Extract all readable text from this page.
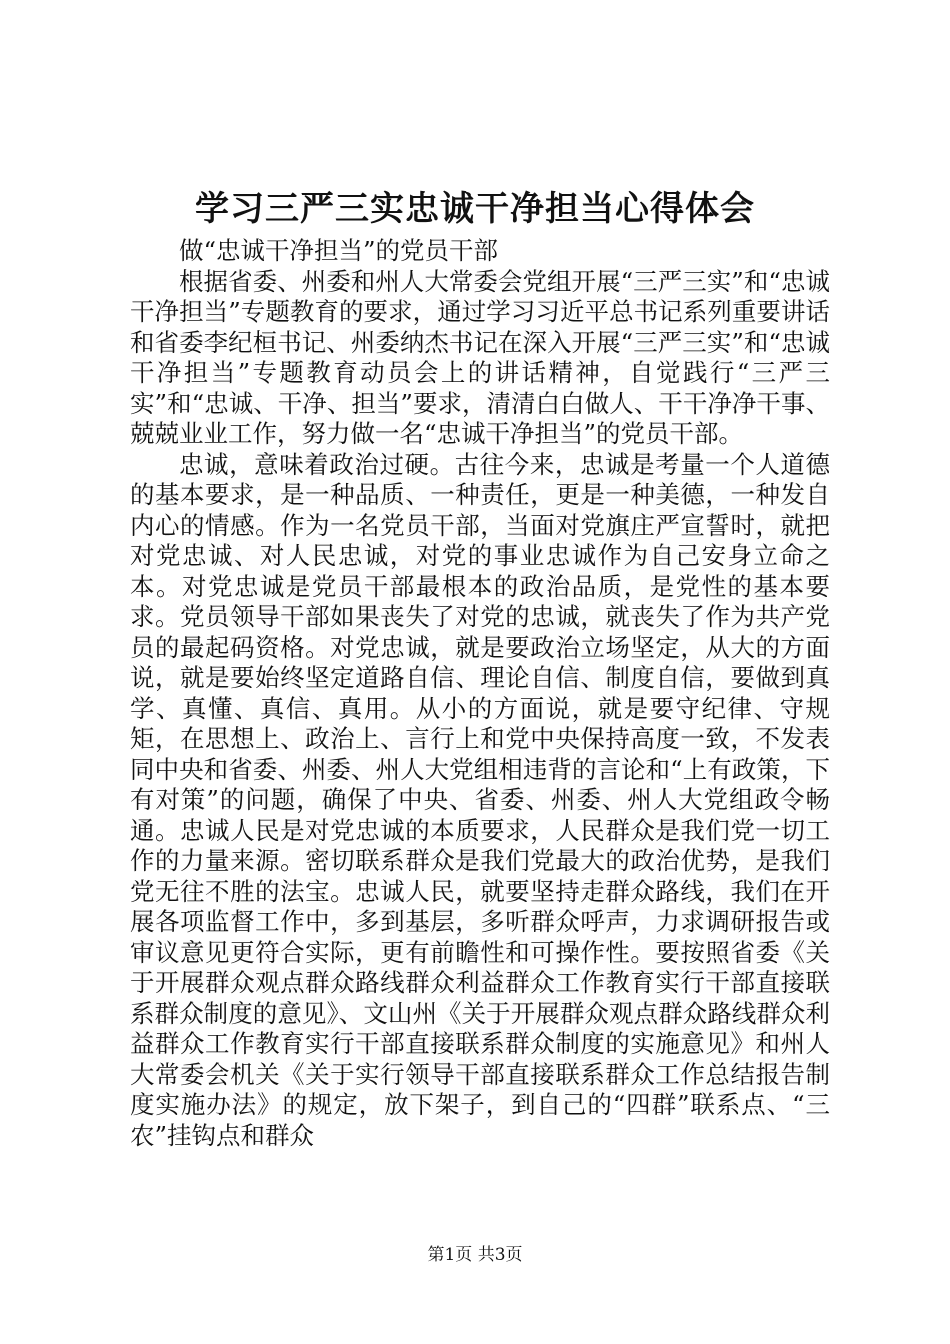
学习三严三实忠诚干净担当心得体会

做“忠诚干净担当”的党员干部

根据省委、州委和州人大常委会党组开展“三严三实”和“忠诚干净担当”专题教育的要求，通过学习习近平总书记系列重要讲话和省委李纪桓书记、州委纳杰书记在深入开展“三严三实”和“忠诚干净担当”专题教育动员会上的讲话精神，自觉践行“三严三实”和“忠诚、干净、担当”要求，清清白白做人、干干净净干事、兢兢业业工作，努力做一名“忠诚干净担当”的党员干部。

忠诚，意味着政治过硬。古往今来，忠诚是考量一个人道德的基本要求，是一种品质、一种责任，更是一种美德，一种发自内心的情感。作为一名党员干部，当面对党旗庄严宣誓时，就把对党忠诚、对人民忠诚，对党的事业忠诚作为自己安身立命之本。对党忠诚是党员干部最根本的政治品质，是党性的基本要求。党员领导干部如果丧失了对党的忠诚，就丧失了作为共产党员的最起码资格。对党忠诚，就是要政治立场坚定，从大的方面说，就是要始终坚定道路自信、理论自信、制度自信，要做到真学、真懂、真信、真用。从小的方面说，就是要守纪律、守规矩，在思想上、政治上、言行上和党中央保持高度一致，不发表同中央和省委、州委、州人大党组相违背的言论和“上有政策，下有对策”的问题，确保了中央、省委、州委、州人大党组政令畅通。忠诚人民是对党忠诚的本质要求，人民群众是我们党一切工作的力量来源。密切联系群众是我们党最大的政治优势，是我们党无往不胜的法宝。忠诚人民，就要坚持走群众路线，我们在开展各项监督工作中，多到基层，多听群众呼声，力求调研报告或审议意见更符合实际，更有前瞻性和可操作性。要按照省委《关于开展群众观点群众路线群众利益群众工作教育实行干部直接联系群众制度的意见》、文山州《关于开展群众观点群众路线群众利益群众工作教育实行干部直接联系群众制度的实施意见》和州人大常委会机关《关于实行领导干部直接联系群众工作总结报告制度实施办法》的规定，放下架子，到自己的“四群”联系点、“三农”挂钩点和群众

第1页 共3页
